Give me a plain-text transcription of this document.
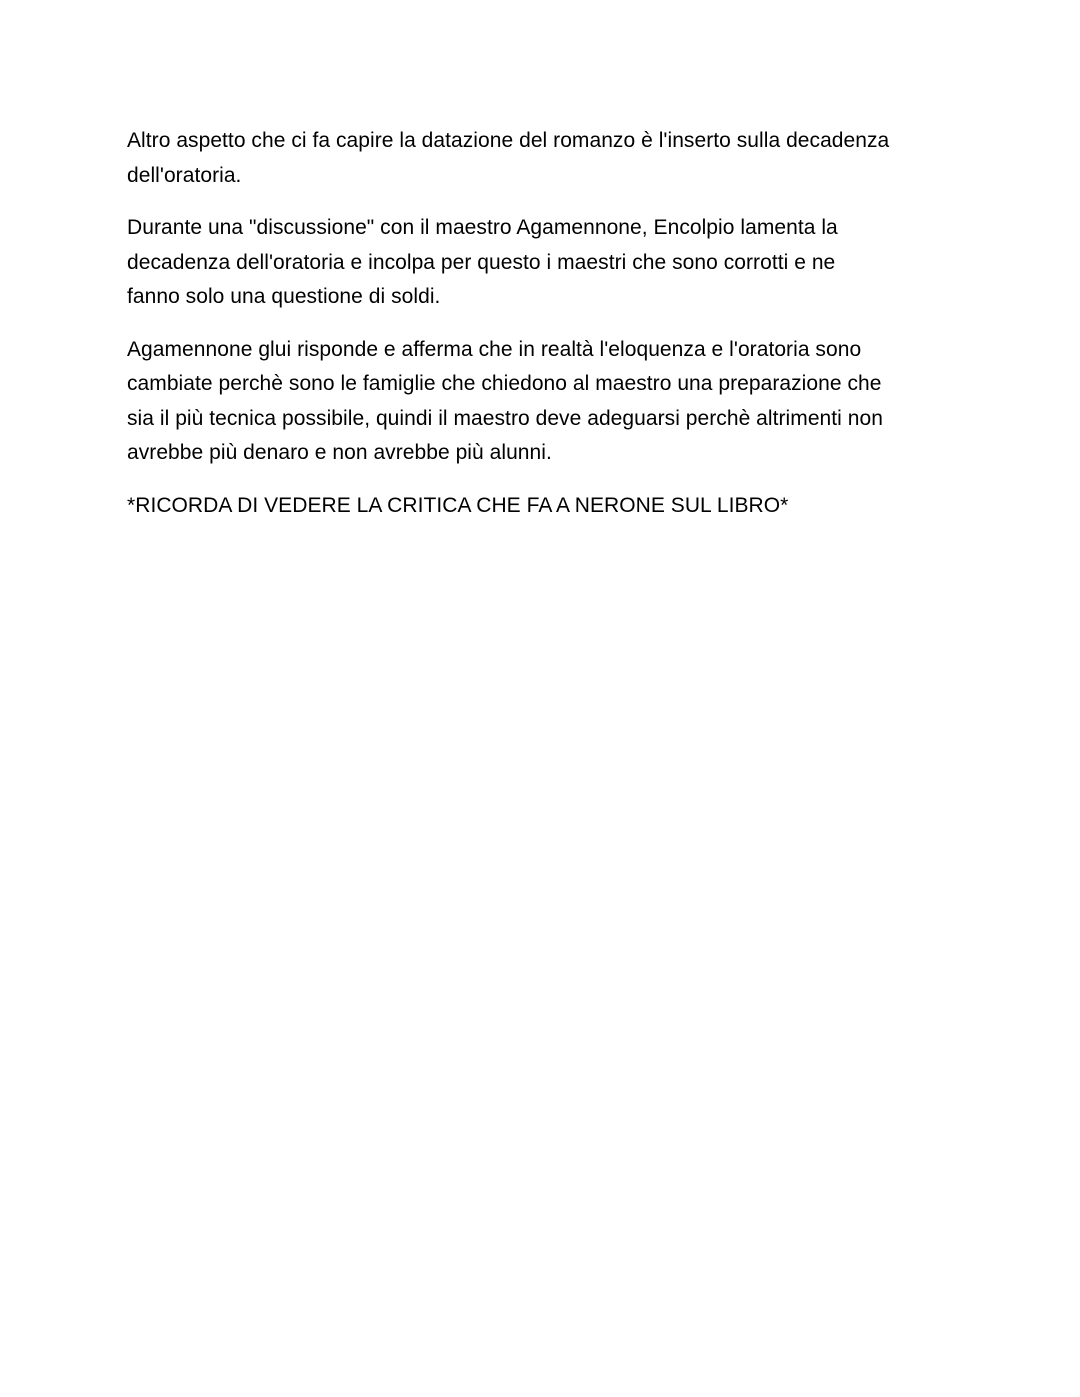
Altro aspetto che ci fa capire la datazione del romanzo è l'inserto sulla decadenza
dell'oratoria.

Durante una "discussione" con il maestro Agamennone, Encolpio lamenta la
decadenza dell'oratoria e incolpa per questo i maestri che sono corrotti e ne
fanno solo una questione di soldi.

Agamennone glui risponde e afferma che in realtà l'eloquenza e l'oratoria sono
cambiate perchè sono le famiglie che chiedono al maestro una preparazione che
sia il più tecnica possibile, quindi il maestro deve adeguarsi perchè altrimenti non
avrebbe più denaro e non avrebbe più alunni.

*RICORDA DI VEDERE LA CRITICA CHE FA A NERONE SUL LIBRO*
